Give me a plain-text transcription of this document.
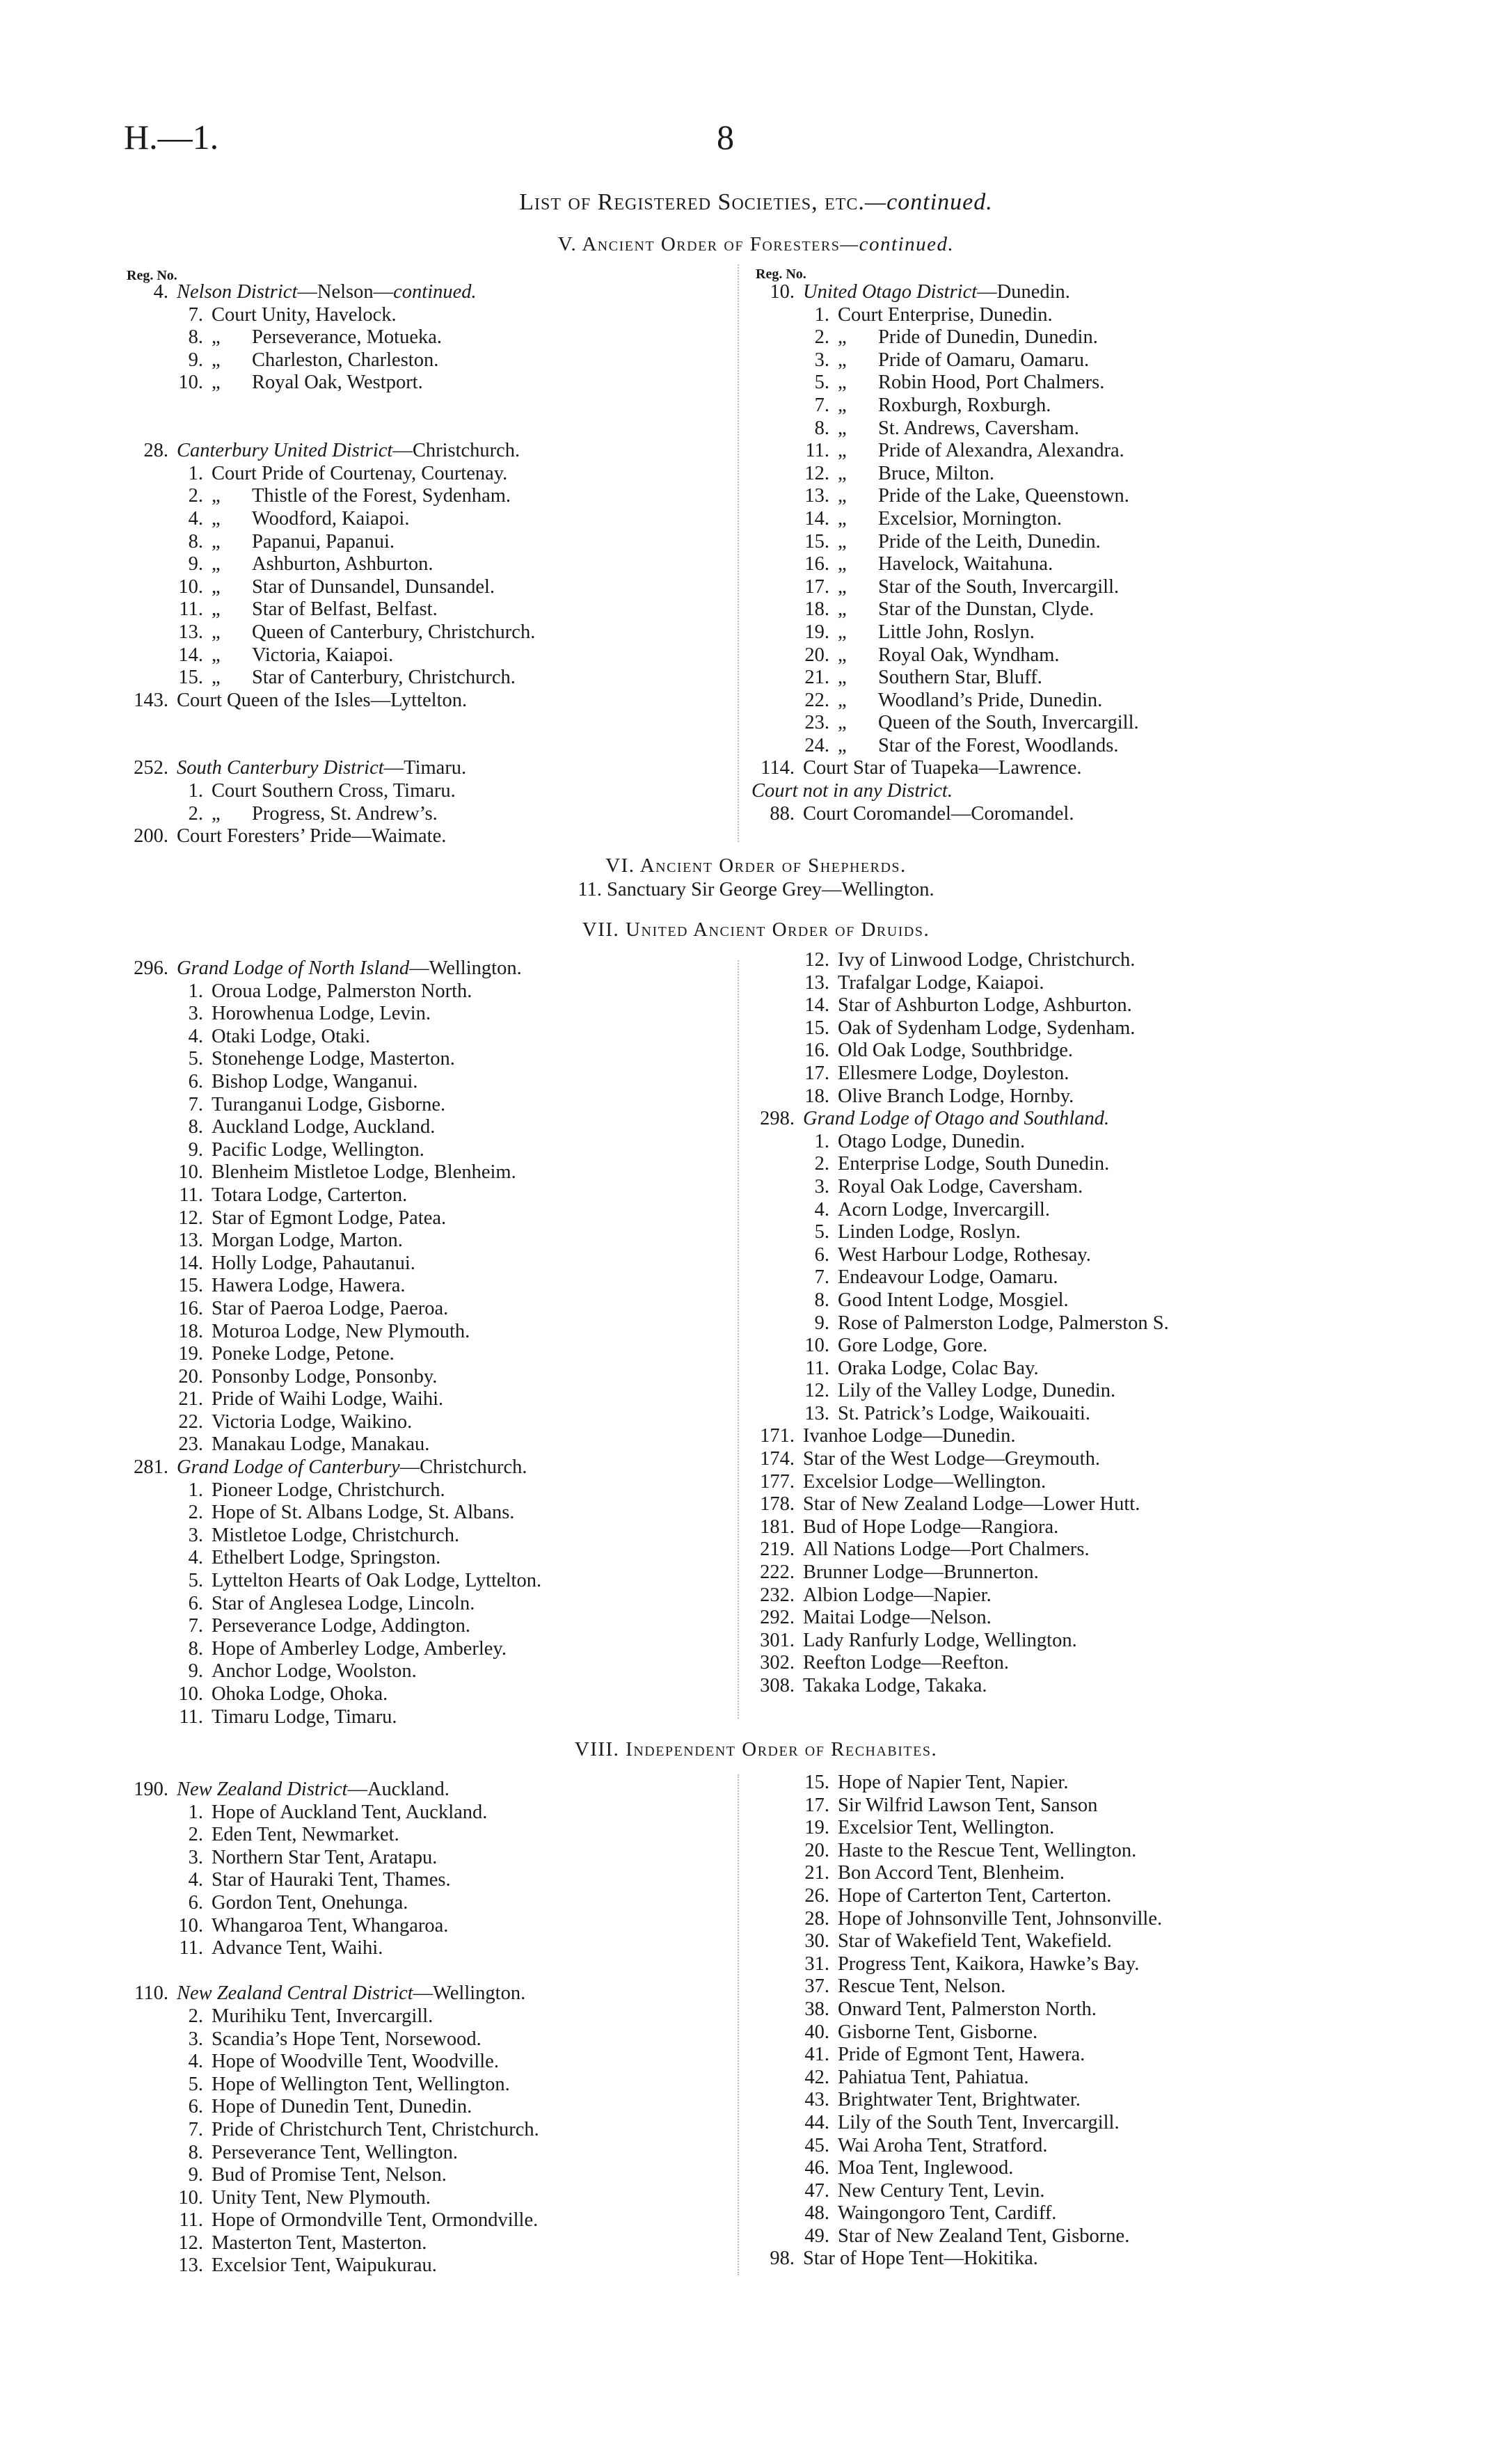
H.—1.	8
List of Registered Societies, etc.—continued.
V. Ancient Order of Foresters—continued.
Reg. No.	Reg. No.
4. Nelson District—Nelson—continued.
7. Court Unity, Havelock.
8. „ Perseverance, Motueka.
9. „ Charleston, Charleston.
10. „ Royal Oak, Westport.
28. Canterbury United District—Christchurch.
1. Court Pride of Courtenay, Courtenay.
2. „ Thistle of the Forest, Sydenham.
4. „ Woodford, Kaiapoi.
8. „ Papanui, Papanui.
9. „ Ashburton, Ashburton.
10. „ Star of Dunsandel, Dunsandel.
11. „ Star of Belfast, Belfast.
13. „ Queen of Canterbury, Christchurch.
14. „ Victoria, Kaiapoi.
15. „ Star of Canterbury, Christchurch.
143. Court Queen of the Isles—Lyttelton.
252. South Canterbury District—Timaru.
1. Court Southern Cross, Timaru.
2. „ Progress, St. Andrew’s.
200. Court Foresters’ Pride—Waimate.
10. United Otago District—Dunedin.
1. Court Enterprise, Dunedin.
2. „ Pride of Dunedin, Dunedin.
3. „ Pride of Oamaru, Oamaru.
5. „ Robin Hood, Port Chalmers.
7. „ Roxburgh, Roxburgh.
8. „ St. Andrews, Caversham.
11. „ Pride of Alexandra, Alexandra.
12. „ Bruce, Milton.
13. „ Pride of the Lake, Queenstown.
14. „ Excelsior, Mornington.
15. „ Pride of the Leith, Dunedin.
16. „ Havelock, Waitahuna.
17. „ Star of the South, Invercargill.
18. „ Star of the Dunstan, Clyde.
19. „ Little John, Roslyn.
20. „ Royal Oak, Wyndham.
21. „ Southern Star, Bluff.
22. „ Woodland’s Pride, Dunedin.
23. „ Queen of the South, Invercargill.
24. „ Star of the Forest, Woodlands.
114. Court Star of Tuapeka—Lawrence.
Court not in any District.
88. Court Coromandel—Coromandel.
VI. Ancient Order of Shepherds.
11. Sanctuary Sir George Grey—Wellington.
VII. United Ancient Order of Druids.
296. Grand Lodge of North Island—Wellington.
1. Oroua Lodge, Palmerston North.
3. Horowhenua Lodge, Levin.
4. Otaki Lodge, Otaki.
5. Stonehenge Lodge, Masterton.
6. Bishop Lodge, Wanganui.
7. Turanganui Lodge, Gisborne.
8. Auckland Lodge, Auckland.
9. Pacific Lodge, Wellington.
10. Blenheim Mistletoe Lodge, Blenheim.
11. Totara Lodge, Carterton.
12. Star of Egmont Lodge, Patea.
13. Morgan Lodge, Marton.
14. Holly Lodge, Pahautanui.
15. Hawera Lodge, Hawera.
16. Star of Paeroa Lodge, Paeroa.
18. Moturoa Lodge, New Plymouth.
19. Poneke Lodge, Petone.
20. Ponsonby Lodge, Ponsonby.
21. Pride of Waihi Lodge, Waihi.
22. Victoria Lodge, Waikino.
23. Manakau Lodge, Manakau.
281. Grand Lodge of Canterbury—Christchurch.
1. Pioneer Lodge, Christchurch.
2. Hope of St. Albans Lodge, St. Albans.
3. Mistletoe Lodge, Christchurch.
4. Ethelbert Lodge, Springston.
5. Lyttelton Hearts of Oak Lodge, Lyttelton.
6. Star of Anglesea Lodge, Lincoln.
7. Perseverance Lodge, Addington.
8. Hope of Amberley Lodge, Amberley.
9. Anchor Lodge, Woolston.
10. Ohoka Lodge, Ohoka.
11. Timaru Lodge, Timaru.
12. Ivy of Linwood Lodge, Christchurch.
13. Trafalgar Lodge, Kaiapoi.
14. Star of Ashburton Lodge, Ashburton.
15. Oak of Sydenham Lodge, Sydenham.
16. Old Oak Lodge, Southbridge.
17. Ellesmere Lodge, Doyleston.
18. Olive Branch Lodge, Hornby.
298. Grand Lodge of Otago and Southland.
1. Otago Lodge, Dunedin.
2. Enterprise Lodge, South Dunedin.
3. Royal Oak Lodge, Caversham.
4. Acorn Lodge, Invercargill.
5. Linden Lodge, Roslyn.
6. West Harbour Lodge, Rothesay.
7. Endeavour Lodge, Oamaru.
8. Good Intent Lodge, Mosgiel.
9. Rose of Palmerston Lodge, Palmerston S.
10. Gore Lodge, Gore.
11. Oraka Lodge, Colac Bay.
12. Lily of the Valley Lodge, Dunedin.
13. St. Patrick’s Lodge, Waikouaiti.
171. Ivanhoe Lodge—Dunedin.
174. Star of the West Lodge—Greymouth.
177. Excelsior Lodge—Wellington.
178. Star of New Zealand Lodge—Lower Hutt.
181. Bud of Hope Lodge—Rangiora.
219. All Nations Lodge—Port Chalmers.
222. Brunner Lodge—Brunnerton.
232. Albion Lodge—Napier.
292. Maitai Lodge—Nelson.
301. Lady Ranfurly Lodge, Wellington.
302. Reefton Lodge—Reefton.
308. Takaka Lodge, Takaka.
VIII. Independent Order of Rechabites.
190. New Zealand District—Auckland.
1. Hope of Auckland Tent, Auckland.
2. Eden Tent, Newmarket.
3. Northern Star Tent, Aratapu.
4. Star of Hauraki Tent, Thames.
6. Gordon Tent, Onehunga.
10. Whangaroa Tent, Whangaroa.
11. Advance Tent, Waihi.
110. New Zealand Central District—Wellington.
2. Murihiku Tent, Invercargill.
3. Scandia’s Hope Tent, Norsewood.
4. Hope of Woodville Tent, Woodville.
5. Hope of Wellington Tent, Wellington.
6. Hope of Dunedin Tent, Dunedin.
7. Pride of Christchurch Tent, Christchurch.
8. Perseverance Tent, Wellington.
9. Bud of Promise Tent, Nelson.
10. Unity Tent, New Plymouth.
11. Hope of Ormondville Tent, Ormondville.
12. Masterton Tent, Masterton.
13. Excelsior Tent, Waipukurau.
15. Hope of Napier Tent, Napier.
17. Sir Wilfrid Lawson Tent, Sanson
19. Excelsior Tent, Wellington.
20. Haste to the Rescue Tent, Wellington.
21. Bon Accord Tent, Blenheim.
26. Hope of Carterton Tent, Carterton.
28. Hope of Johnsonville Tent, Johnsonville.
30. Star of Wakefield Tent, Wakefield.
31. Progress Tent, Kaikora, Hawke’s Bay.
37. Rescue Tent, Nelson.
38. Onward Tent, Palmerston North.
40. Gisborne Tent, Gisborne.
41. Pride of Egmont Tent, Hawera.
42. Pahiatua Tent, Pahiatua.
43. Brightwater Tent, Brightwater.
44. Lily of the South Tent, Invercargill.
45. Wai Aroha Tent, Stratford.
46. Moa Tent, Inglewood.
47. New Century Tent, Levin.
48. Waingongoro Tent, Cardiff.
49. Star of New Zealand Tent, Gisborne.
98. Star of Hope Tent—Hokitika.
